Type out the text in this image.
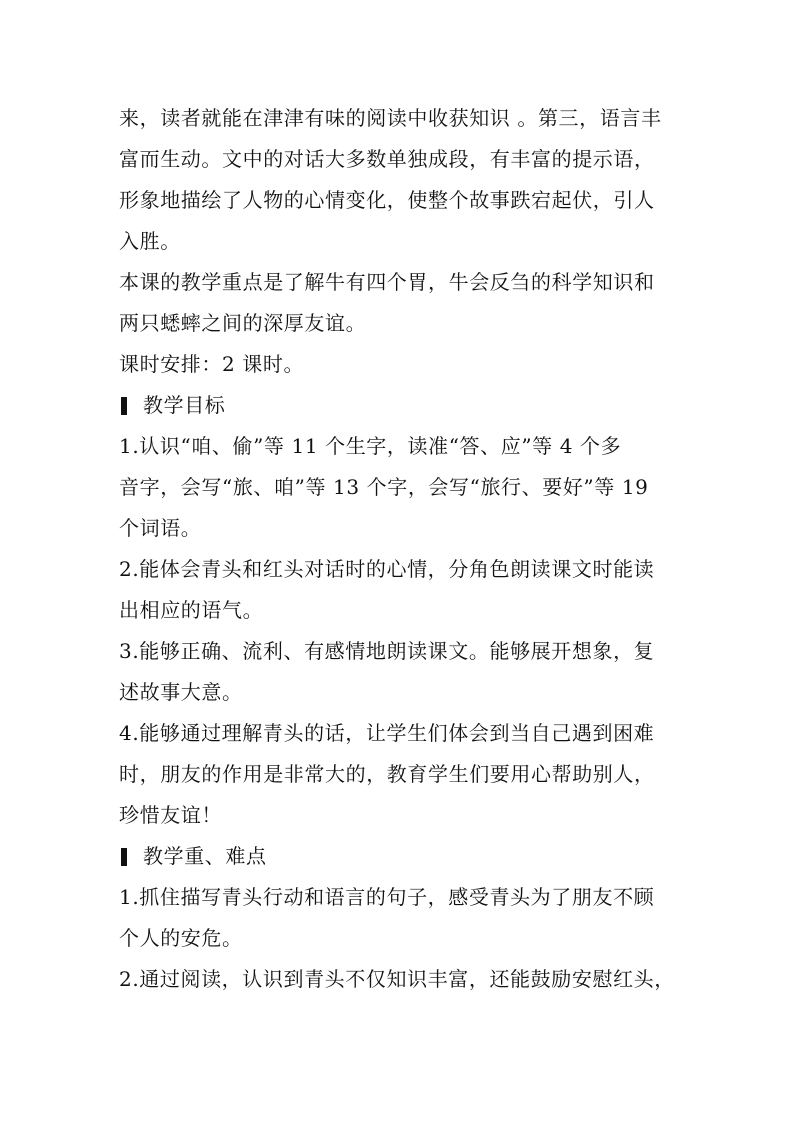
来，读者就能在津津有味的阅读中收获知识 。第三，语言丰
富而生动。文中的对话大多数单独成段，有丰富的提示语，
形象地描绘了人物的心情变化，使整个故事跌宕起伏，引人
入胜。
本课的教学重点是了解牛有四个胃，牛会反刍的科学知识和
两只蟋蟀之间的深厚友谊。
课时安排：2 课时。
教学目标
1.认识“咱、偷”等 11 个生字，读准“答、应”等 4 个多
音字，会写“旅、咱”等 13 个字，会写“旅行、要好”等 19
个词语。
2.能体会青头和红头对话时的心情，分角色朗读课文时能读
出相应的语气。
3.能够正确、流利、有感情地朗读课文。能够展开想象，复
述故事大意。
4.能够通过理解青头的话，让学生们体会到当自己遇到困难
时，朋友的作用是非常大的，教育学生们要用心帮助别人，
珍惜友谊！
教学重、难点
1.抓住描写青头行动和语言的句子，感受青头为了朋友不顾
个人的安危。
2.通过阅读，认识到青头不仅知识丰富，还能鼓励安慰红头，
